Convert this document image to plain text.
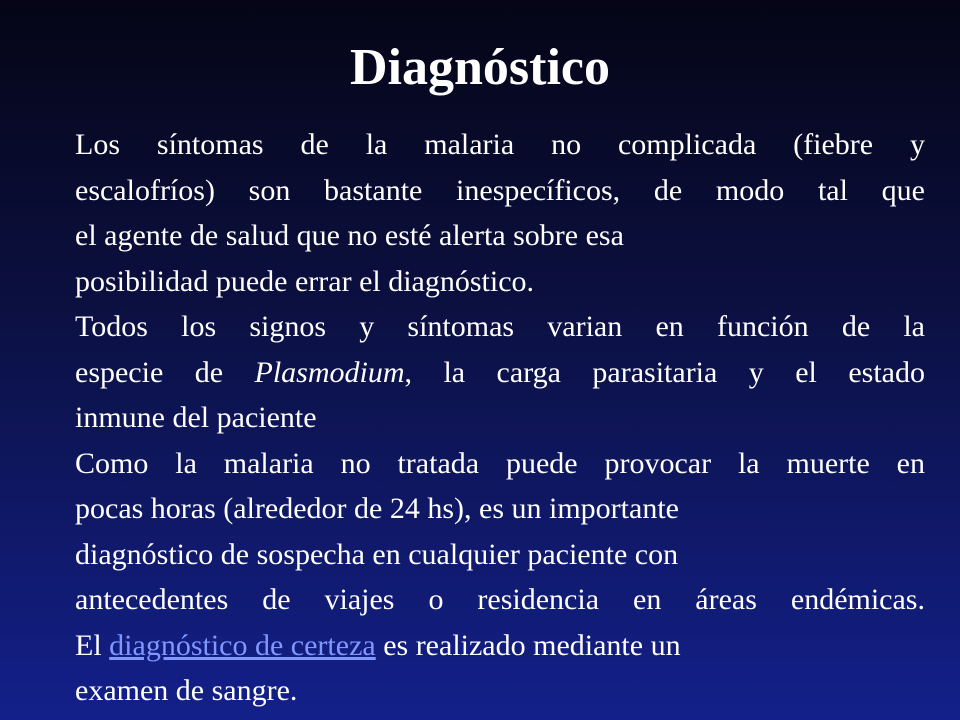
Diagnóstico
Los síntomas de la malaria no complicada (fiebre y
escalofríos) son bastante inespecíficos, de modo tal que
el agente de salud que no esté alerta sobre esa
posibilidad puede errar el diagnóstico.
Todos los signos y síntomas varian en función de la
especie de Plasmodium, la carga parasitaria y el estado
inmune del paciente
Como la malaria no tratada puede provocar la muerte en
pocas horas (alrededor de 24 hs), es un importante
diagnóstico de sospecha en cualquier paciente con
antecedentes de viajes o residencia en áreas endémicas.
El diagnóstico de certeza es realizado mediante un
examen de sangre.
